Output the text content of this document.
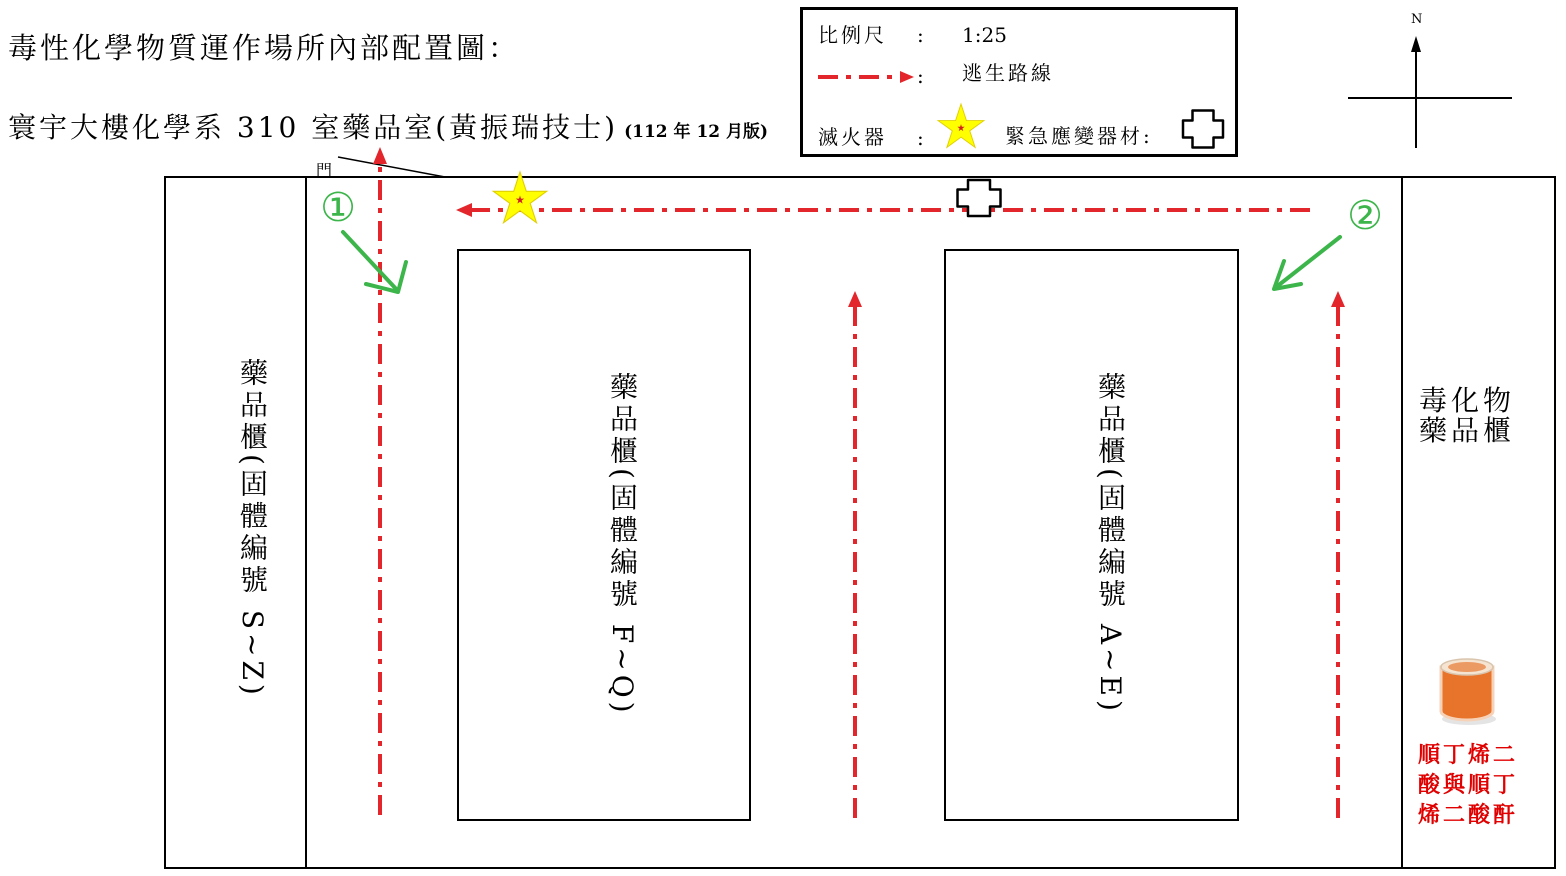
毒性化學物質運作場所內部配置圖：
寰宇大樓化學系 310 室藥品室(黃振瑞技士) (112 年 12 月版)
比例尺 : 1:25
: 逃生路線
滅火器 :	緊急應變器材:
N
門
①	②
藥品櫃(固體編號 S~Z)	藥品櫃(固體編號 F~Q)	藥品櫃(固體編號 A~E)	毒化物
藥品櫃
順丁烯二
酸與順丁
烯二酸酐
